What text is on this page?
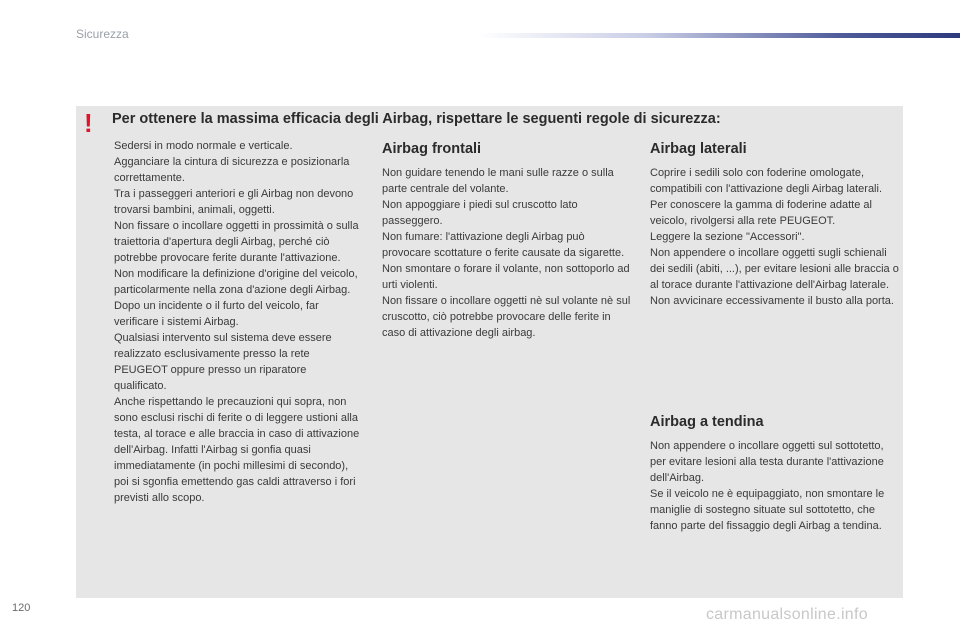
Sicurezza
! Per ottenere la massima efficacia degli Airbag, rispettare le seguenti regole di sicurezza:

Sedersi in modo normale e verticale.

Agganciare la cintura di sicurezza e posizionarla correttamente.

Tra i passeggeri anteriori e gli Airbag non devono trovarsi bambini, animali, oggetti.

Non fissare o incollare oggetti in prossimità o sulla traiettoria d'apertura degli Airbag, perché ciò potrebbe provocare ferite durante l'attivazione.

Non modificare la definizione d'origine del veicolo, particolarmente nella zona d'azione degli Airbag.

Dopo un incidente o il furto del veicolo, far verificare i sistemi Airbag.

Qualsiasi intervento sul sistema deve essere realizzato esclusivamente presso la rete PEUGEOT oppure presso un riparatore qualificato.

Anche rispettando le precauzioni qui sopra, non sono esclusi rischi di ferite o di leggere ustioni alla testa, al torace e alle braccia in caso di attivazione dell'Airbag. Infatti l'Airbag si gonfia quasi immediatamente (in pochi millesimi di secondo), poi si sgonfia emettendo gas caldi attraverso i fori previsti allo scopo.

Airbag frontali

Non guidare tenendo le mani sulle razze o sulla parte centrale del volante.

Non appoggiare i piedi sul cruscotto lato passeggero.

Non fumare: l'attivazione degli Airbag può provocare scottature o ferite causate da sigarette.

Non smontare o forare il volante, non sottoporlo ad urti violenti.

Non fissare o incollare oggetti nè sul volante nè sul cruscotto, ciò potrebbe provocare delle ferite in caso di attivazione degli airbag.

Airbag laterali

Coprire i sedili solo con foderine omologate, compatibili con l'attivazione degli Airbag laterali. Per conoscere la gamma di foderine adatte al veicolo, rivolgersi alla rete PEUGEOT.

Leggere la sezione "Accessori".

Non appendere o incollare oggetti sugli schienali dei sedili (abiti, ...), per evitare lesioni alle braccia o al torace durante l'attivazione dell'Airbag laterale.

Non avvicinare eccessivamente il busto alla porta.

Airbag a tendina

Non appendere o incollare oggetti sul sottotetto, per evitare lesioni alla testa durante l'attivazione dell'Airbag.

Se il veicolo ne è equipaggiato, non smontare le maniglie di sostegno situate sul sottotetto, che fanno parte del fissaggio degli Airbag a tendina.

120	carmanualsonline.info
